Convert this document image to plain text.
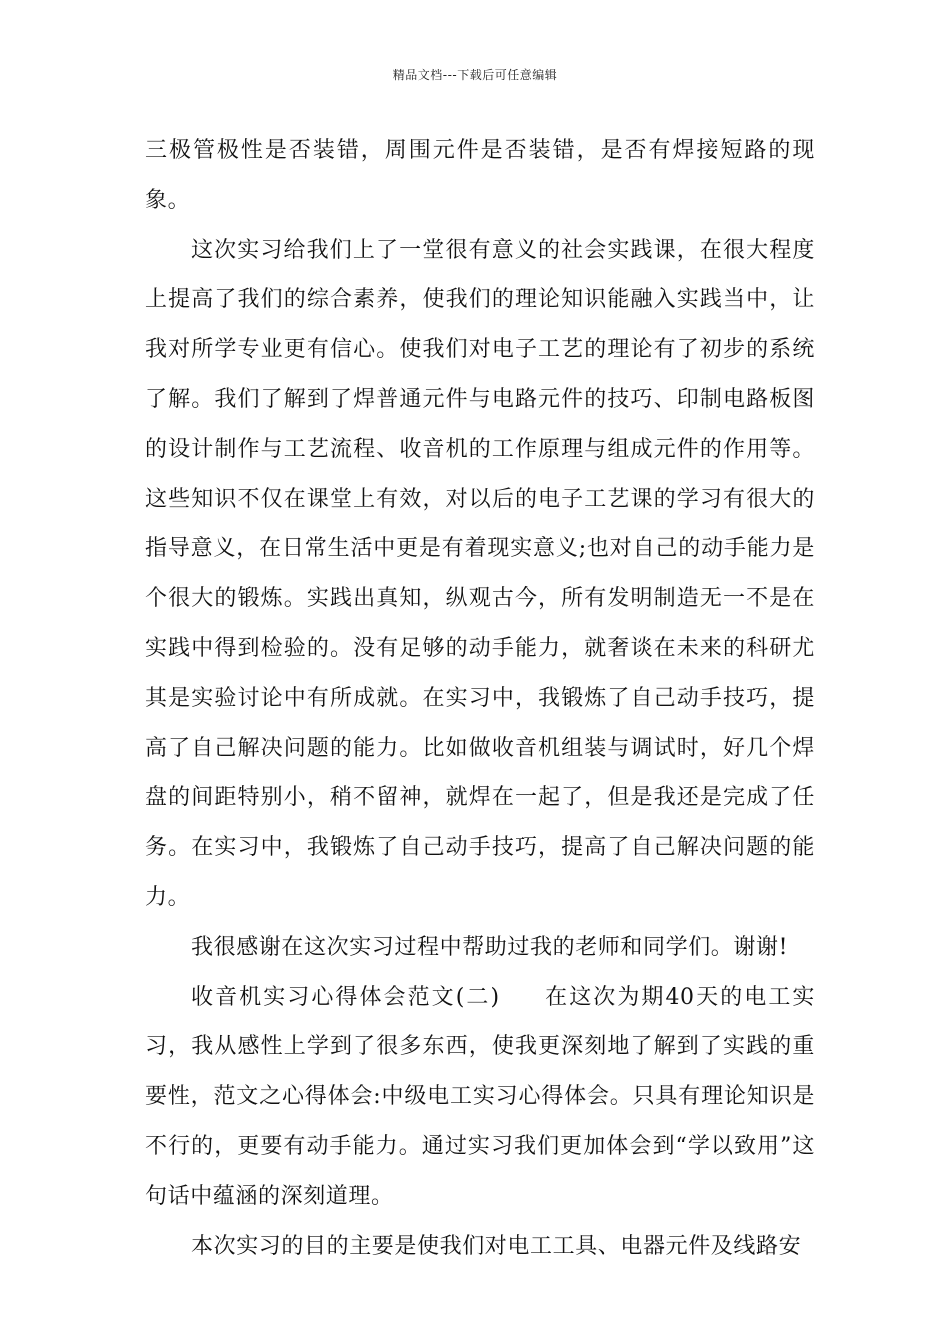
精品文档---下载后可任意编辑

三极管极性是否装错，周围元件是否装错，是否有焊接短路的现象。

这次实习给我们上了一堂很有意义的社会实践课，在很大程度上提高了我们的综合素养，使我们的理论知识能融入实践当中，让我对所学专业更有信心。使我们对电子工艺的理论有了初步的系统了解。我们了解到了焊普通元件与电路元件的技巧、印制电路板图的设计制作与工艺流程、收音机的工作原理与组成元件的作用等。这些知识不仅在课堂上有效，对以后的电子工艺课的学习有很大的指导意义，在日常生活中更是有着现实意义;也对自己的动手能力是个很大的锻炼。实践出真知，纵观古今，所有发明制造无一不是在实践中得到检验的。没有足够的动手能力，就奢谈在未来的科研尤其是实验讨论中有所成就。在实习中，我锻炼了自己动手技巧，提高了自己解决问题的能力。比如做收音机组装与调试时，好几个焊盘的间距特别小，稍不留神，就焊在一起了，但是我还是完成了任务。在实习中，我锻炼了自己动手技巧，提高了自己解决问题的能力。

我很感谢在这次实习过程中帮助过我的老师和同学们。谢谢!

收音机实习心得体会范文(二) 在这次为期40天的电工实习，我从感性上学到了很多东西，使我更深刻地了解到了实践的重要性，范文之心得体会:中级电工实习心得体会。只具有理论知识是不行的，更要有动手能力。通过实习我们更加体会到“学以致用”这句话中蕴涵的深刻道理。

本次实习的目的主要是使我们对电工工具、电器元件及线路安
